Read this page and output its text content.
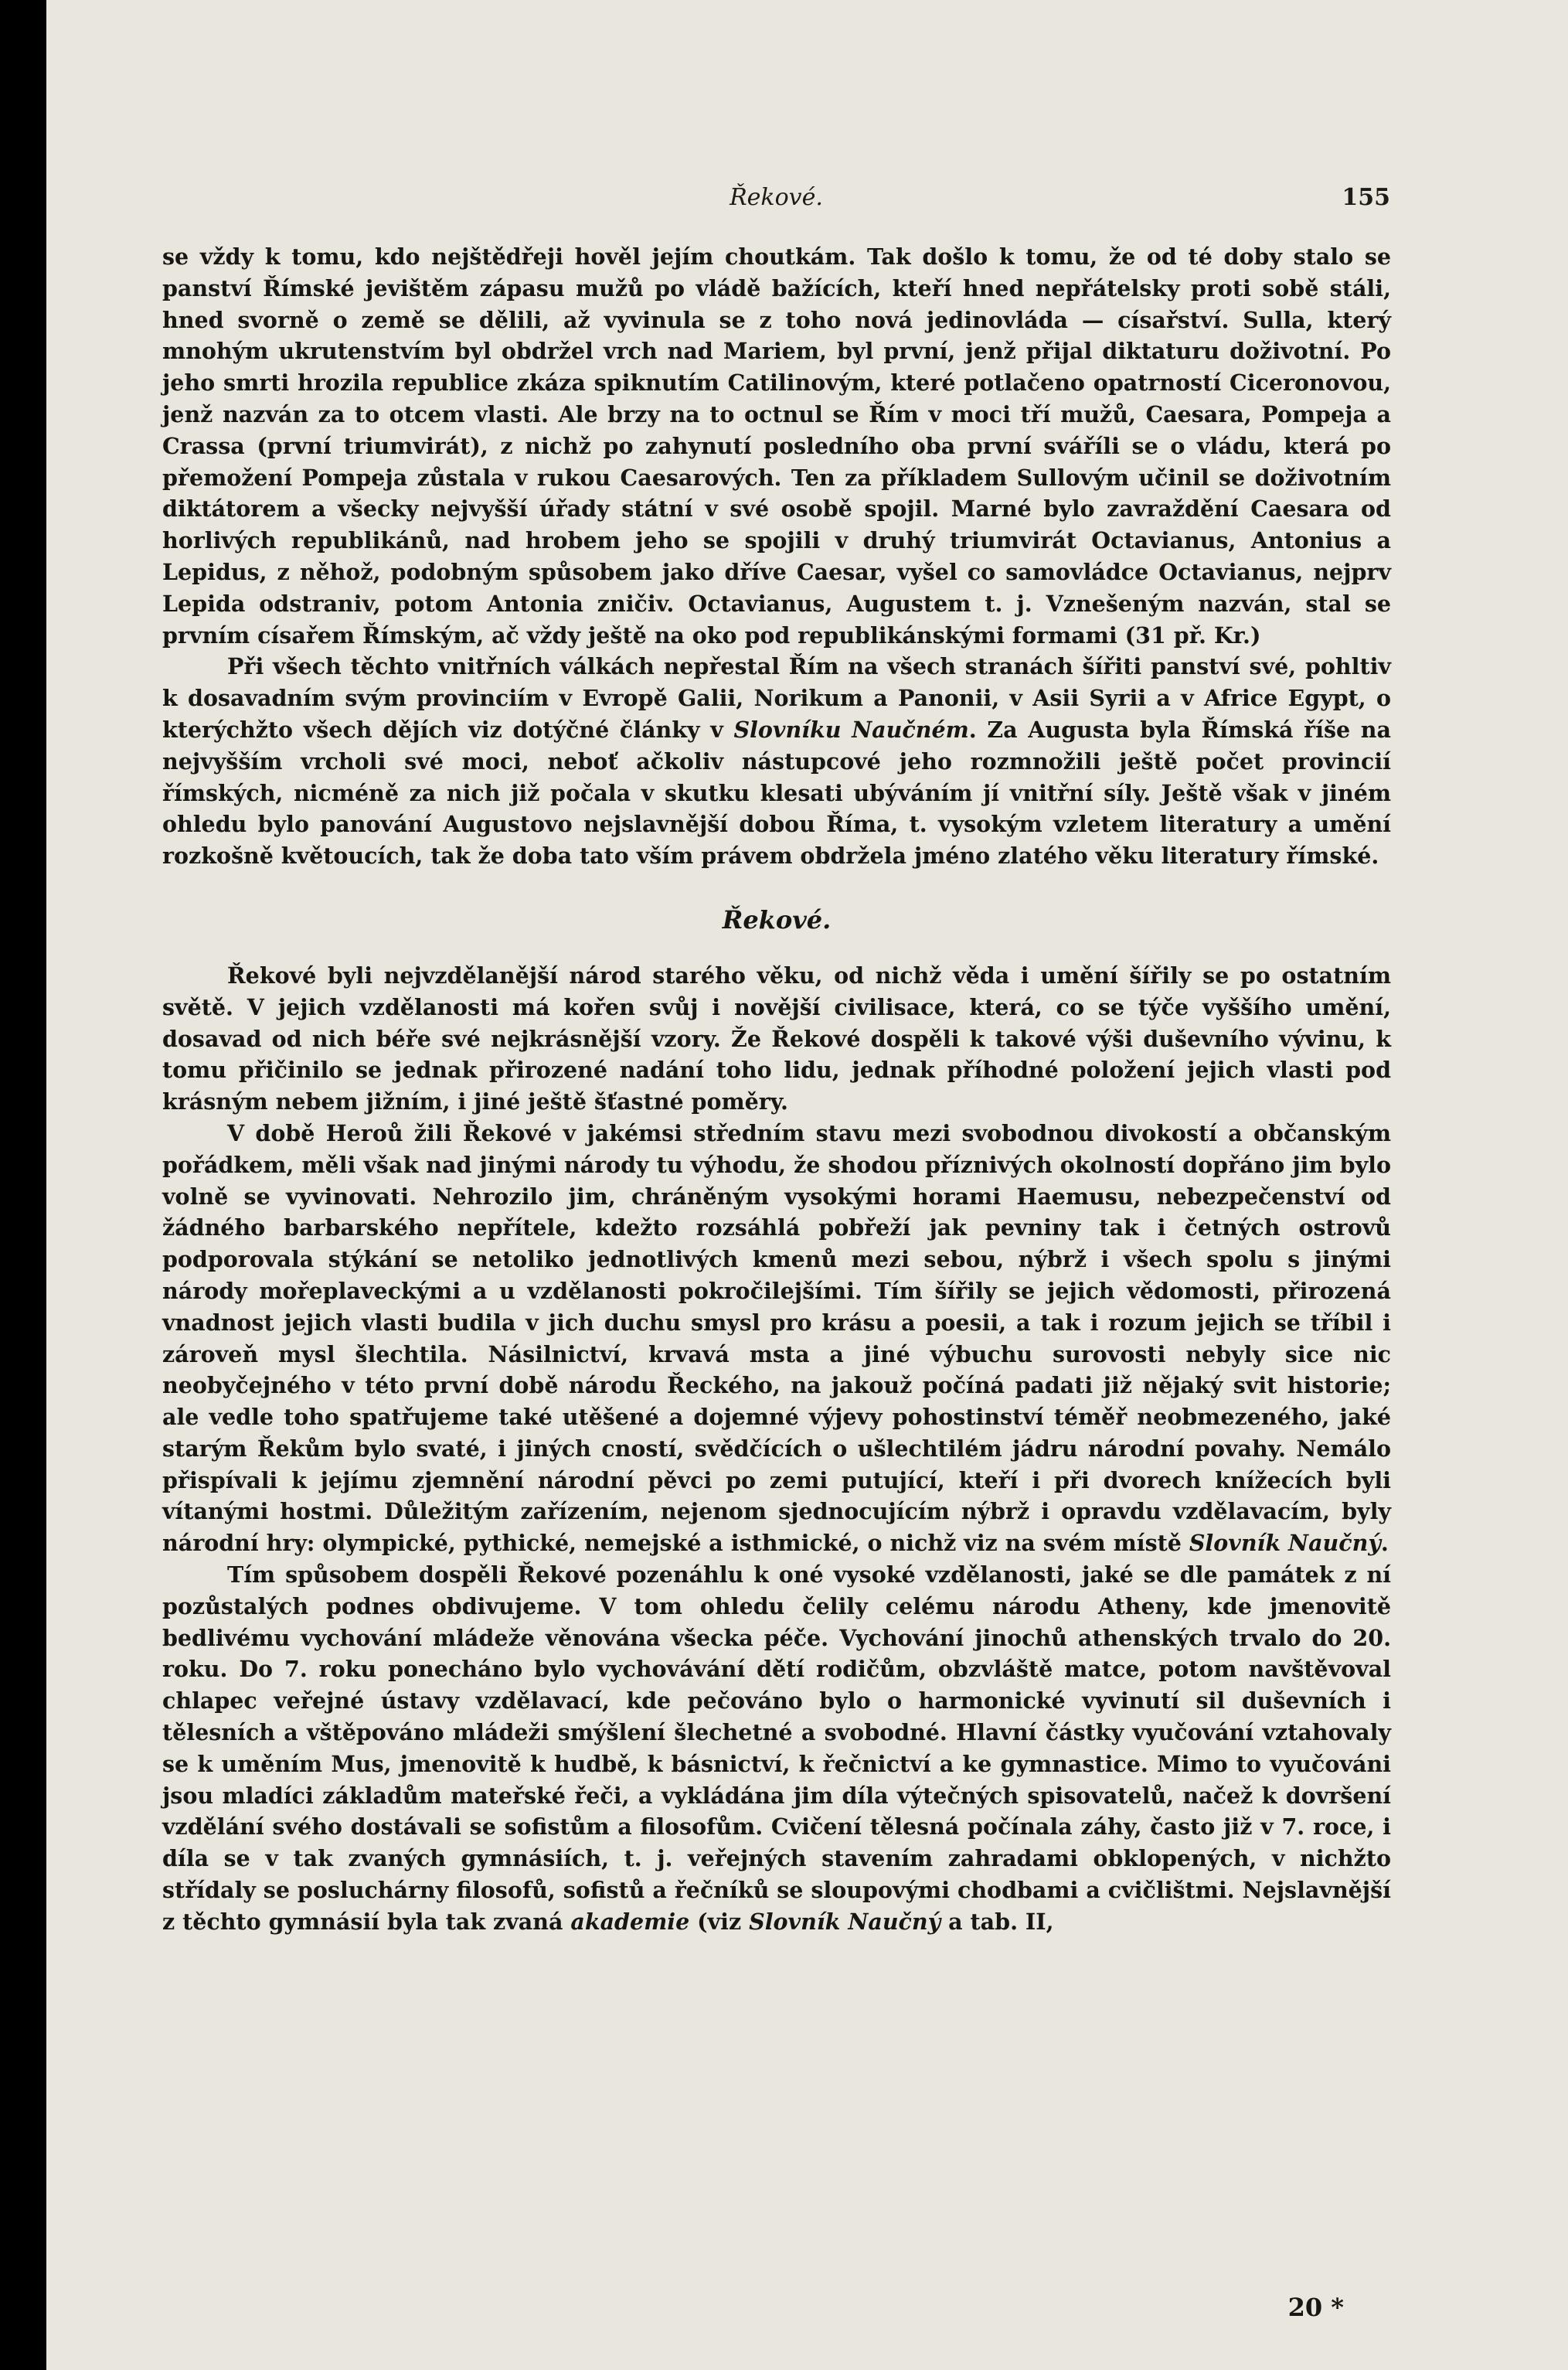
Řekové.	155

se vždy k tomu, kdo nejštědřeji hověl jejím choutkám. Tak došlo k tomu, že od té doby stalo se panství Římské jevištěm zápasu mužů po vládě bažících, kteří hned nepřátelsky proti sobě stáli, hned svorně o země se dělili, až vyvinula se z toho nová jedinovláda — císařství. Sulla, který mnohým ukrutenstvím byl obdržel vrch nad Mariem, byl první, jenž přijal diktaturu doživotní. Po jeho smrti hrozila republice zkáza spiknutím Catilinovým, které potlačeno opatrností Ciceronovou, jenž nazván za to otcem vlasti. Ale brzy na to octnul se Řím v moci tří mužů, Caesara, Pompeja a Crassa (první triumvirát), z nichž po zahynutí posledního oba první sváříli se o vládu, která po přemožení Pompeja zůstala v rukou Caesarových. Ten za příkladem Sullovým učinil se doživotním diktátorem a všecky nejvyšší úřady státní v své osobě spojil. Marné bylo zavraždění Caesara od horlivých republikánů, nad hrobem jeho se spojili v druhý triumvirát Octavianus, Antonius a Lepidus, z něhož, podobným spůsobem jako dříve Caesar, vyšel co samovládce Octavianus, nejprv Lepida odstraniv, potom Antonia zničiv. Octavianus, Augustem t. j. Vznešeným nazván, stal se prvním císařem Římským, ač vždy ještě na oko pod republikánskými formami (31 př. Kr.)

Při všech těchto vnitřních válkách nepřestal Řím na všech stranách šířiti panství své, pohltiv k dosavadním svým provinciím v Evropě Galii, Norikum a Panonii, v Asii Syrii a v Africe Egypt, o kterýchžto všech dějích viz dotýčné články v Slovníku Naučném. Za Augusta byla Římská říše na nejvyšším vrcholi své moci, neboť ačkoliv nástupcové jeho rozmnožili ještě počet provincií římských, nicméně za nich již počala v skutku klesati ubýváním jí vnitřní síly. Ještě však v jiném ohledu bylo panování Augustovo nejslavnější dobou Říma, t. vysokým vzletem literatury a umění rozkošně květoucích, tak že doba tato vším právem obdržela jméno zlatého věku literatury římské.

Řekové.

Řekové byli nejvzdělanější národ starého věku, od nichž věda i umění šířily se po ostatním světě. V jejich vzdělanosti má kořen svůj i novější civilisace, která, co se týče vyššího umění, dosavad od nich béře své nejkrásnější vzory. Že Řekové dospěli k takové výši duševního vývinu, k tomu přičinilo se jednak přirozené nadání toho lidu, jednak příhodné položení jejich vlasti pod krásným nebem jižním, i jiné ještě šťastné poměry.

V době Heroů žili Řekové v jakémsi středním stavu mezi svobodnou divokostí a občanským pořádkem, měli však nad jinými národy tu výhodu, že shodou příznivých okolností dopřáno jim bylo volně se vyvinovati. Nehrozilo jim, chráněným vysokými horami Haemusu, nebezpečenství od žádného barbarského nepřítele, kdežto rozsáhlá pobřeží jak pevniny tak i četných ostrovů podporovala stýkání se netoliko jednotlivých kmenů mezi sebou, nýbrž i všech spolu s jinými národy mořeplaveckými a u vzdělanosti pokročilejšími. Tím šířily se jejich vědomosti, přirozená vnadnost jejich vlasti budila v jich duchu smysl pro krásu a poesii, a tak i rozum jejich se tříbil i zároveň mysl šlechtila. Násilnictví, krvavá msta a jiné výbuchu surovosti nebyly sice nic neobyčejného v této první době národu Řeckého, na jakouž počíná padati již nějaký svit historie; ale vedle toho spatřujeme také utěšené a dojemné výjevy pohostinství téměř neobmezeného, jaké starým Řekům bylo svaté, i jiných cností, svědčících o ušlechtilém jádru národní povahy. Nemálo přispívali k jejímu zjemnění národní pěvci po zemi putující, kteří i při dvorech knížecích byli vítanými hostmi. Důležitým zařízením, nejenom sjednocujícím nýbrž i opravdu vzdělavacím, byly národní hry: olympické, pythické, nemejské a isthmické, o nichž viz na svém místě Slovník Naučný.

Tím spůsobem dospěli Řekové pozenáhlu k oné vysoké vzdělanosti, jaké se dle památek z ní pozůstalých podnes obdivujeme. V tom ohledu čelily celému národu Atheny, kde jmenovitě bedlivému vychování mládeže věnována všecka péče. Vychování jinochů athenských trvalo do 20. roku. Do 7. roku ponecháno bylo vychovávání dětí rodičům, obzvláště matce, potom navštěvoval chlapec veřejné ústavy vzdělavací, kde pečováno bylo o harmonické vyvinutí sil duševních i tělesních a vštěpováno mládeži smýšlení šlechetné a svobodné. Hlavní částky vyučování vztahovaly se k uměním Mus, jmenovitě k hudbě, k básnictví, k řečnictví a ke gymnastice. Mimo to vyučováni jsou mladíci základům mateřské řeči, a vykládána jim díla výtečných spisovatelů, načež k dovršení vzdělání svého dostávali se sofistům a filosofům. Cvičení tělesná počínala záhy, často již v 7. roce, i díla se v tak zvaných gymnásiích, t. j. veřejných stavením zahradami obklopených, v nichžto střídaly se posluchárny filosofů, sofistů a řečníků se sloupovými chodbami a cvičlištmi. Nejslavnější z těchto gymnásií byla tak zvaná akademie (viz Slovník Naučný a tab. II,

20 *
